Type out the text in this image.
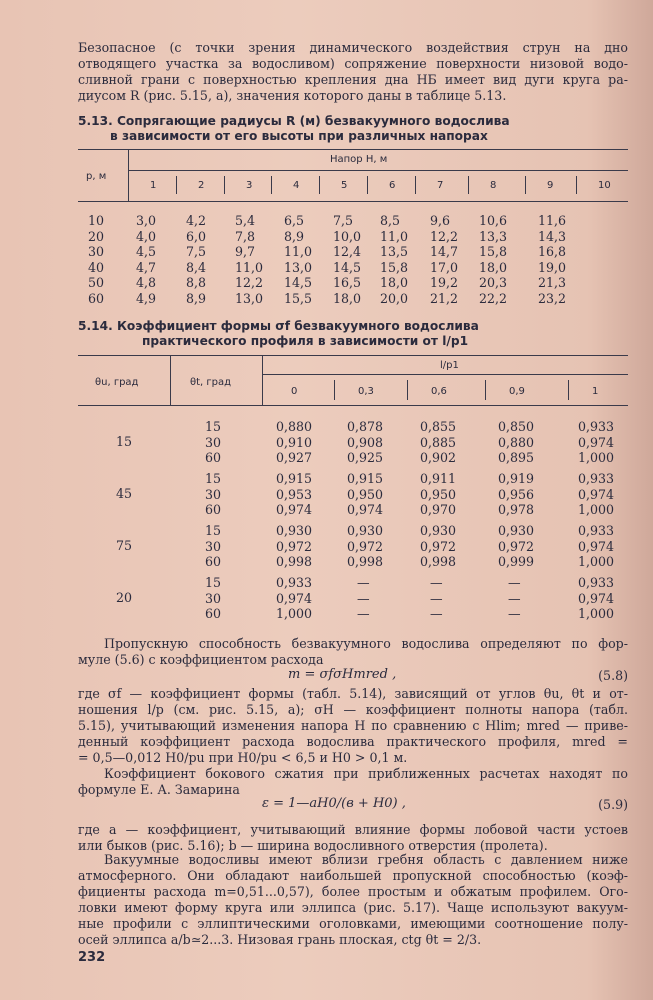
Безопасное (с точки зрения динамического воздействия струн на дно
отводящего участка за водосливом) сопряжение поверхности низовой водо-
сливной грани с поверхностью крепления дна НБ имеет вид дуги круга ра-
диусом R (рис. 5.15, а), значения которого даны в таблице 5.13.
5.13. Сопрягающие радиусы R (м) безвакуумного водослива
в зависимости от его высоты при различных напорах
p, м
Напор H, м
1	2	3	4	5	6	7	8	9	10
10	3,0 4,2 5,4 6,5 7,5 8,5 9,6 10,6 11,6
20	4,0 6,0 7,8 8,9 10,0 11,0 12,2 13,3 14,3
30	4,5 7,5 9,7 11,0 12,4 13,5 14,7 15,8 16,8
40	4,7 8,4 11,0 13,0 14,5 15,8 17,0 18,0 19,0
50	4,8 8,8 12,2 14,5 16,5 18,0 19,2 20,3 21,3
60	4,9 8,9 13,0 15,5 18,0 20,0 21,2 22,2 23,2
5.14. Коэффициент формы σf безвакуумного водослива
практического профиля в зависимости от l/p1
θu, град	θt, град
l/p1
0	0,3	0,6	0,9	1
15
15	0,880	0,878	0,855	0,850	0,933
30	0,910	0,908	0,885	0,880	0,974
60	0,927	0,925	0,902	0,895	1,000
45
15	0,915	0,915	0,911	0,919	0,933
30	0,953	0,950	0,950	0,956	0,974
60	0,974	0,974	0,970	0,978	1,000
75
15	0,930	0,930	0,930	0,930	0,933
30	0,972	0,972	0,972	0,972	0,974
60	0,998	0,998	0,998	0,999	1,000
20
15	0,933	—	—	—	0,933
30	0,974	—	—	—	0,974
60	1,000	—	—	—	1,000
Пропускную способность безвакуумного водослива определяют по фор-
муле (5.6) с коэффициентом расхода
m = σfσHmred ,	(5.8)
где σf — коэффициент формы (табл. 5.14), зависящий от углов θu, θt и от-
ношения l/p (см. рис. 5.15, а); σH — коэффициент полноты напора (табл.
5.15), учитывающий изменения напора H по сравнению с Hlim; mred — приве-
денный коэффициент расхода водослива практического профиля, mred =
= 0,5—0,012 H0/pu при H0/pu < 6,5 и H0 > 0,1 м.
Коэффициент бокового сжатия при приближенных расчетах находят по
формуле Е. А. Замарина
ε = 1—aH0/(в + H0) ,	(5.9)
где a — коэффициент, учитывающий влияние формы лобовой части устоев
или быков (рис. 5.16); b — ширина водосливного отверстия (пролета).
Вакуумные водосливы имеют вблизи гребня область с давлением ниже
атмосферного. Они обладают наибольшей пропускной способностью (коэф-
фициенты расхода m=0,51...0,57), более простым и обжатым профилем. Ого-
ловки имеют форму круга или эллипса (рис. 5.17). Чаще используют вакуум-
ные профили с эллиптическими оголовками, имеющими соотношение полу-
осей эллипса a/b≃2...3. Низовая грань плоская, ctg θt = 2/3.
232
